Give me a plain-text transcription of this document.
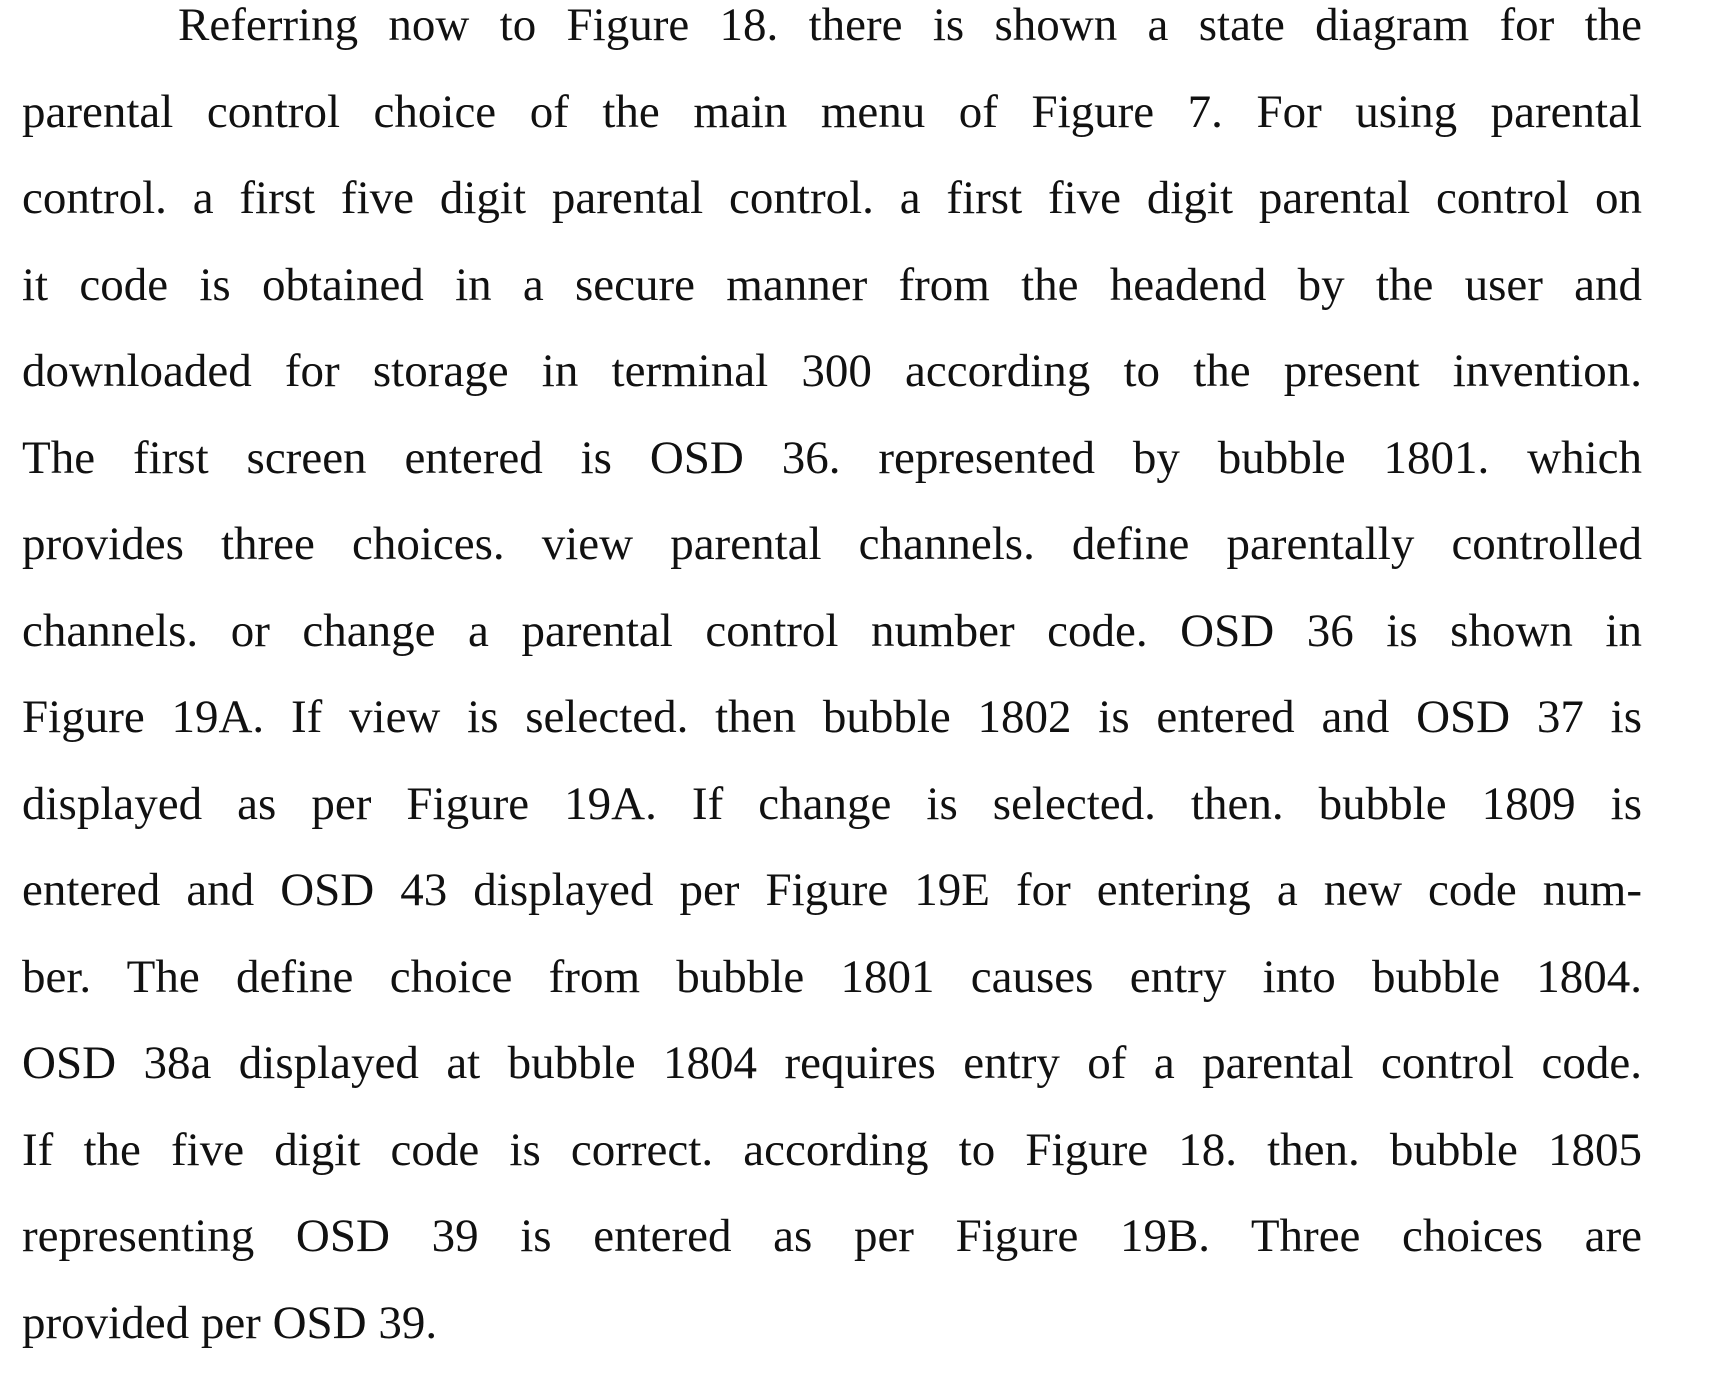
Referring now to Figure 18. there is shown a state diagram for the
parental control choice of the main menu of Figure 7. For using parental
control. a first five digit parental control. a first five digit parental control on
it code is obtained in a secure manner from the headend by the user and
downloaded for storage in terminal 300 according to the present invention.
The first screen entered is OSD 36. represented by bubble 1801. which
provides three choices. view parental channels. define parentally controlled
channels. or change a parental control number code. OSD 36 is shown in
Figure 19A. If view is selected. then bubble 1802 is entered and OSD 37 is
displayed as per Figure 19A. If change is selected. then. bubble 1809 is
entered and OSD 43 displayed per Figure 19E for entering a new code num-
ber. The define choice from bubble 1801 causes entry into bubble 1804.
OSD 38a displayed at bubble 1804 requires entry of a parental control code.
If the five digit code is correct. according to Figure 18. then. bubble 1805
representing OSD 39 is entered as per Figure 19B. Three choices are
provided per OSD 39.
